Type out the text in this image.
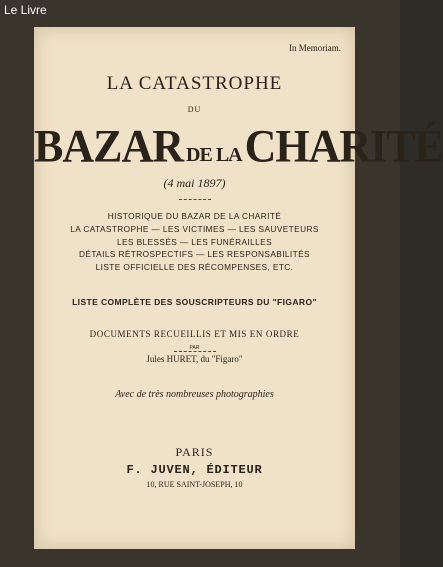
Le Livre
In Memoriam.
LA CATASTROPHE
DU
BAZAR DE LA CHARITÉ
(4 mai 1897)
HISTORIQUE DU BAZAR DE LA CHARITÉ
LA CATASTROPHE — LES VICTIMES — LES SAUVETEURS
LES BLESSÉS — LES FUNÉRAILLES
DÉTAILS RÉTROSPECTIFS — LES RESPONSABILITÉS
LISTE OFFICIELLE DES RÉCOMPENSES, ETC.
LISTE COMPLÈTE DES SOUSCRIPTEURS DU "FIGARO"
DOCUMENTS RECUEILLIS ET MIS EN ORDRE
PAR
Jules HURET, du "Figaro"
Avec de très nombreuses photographies
PARIS
F. JUVEN, ÉDITEUR
10, RUE SAINT-JOSEPH, 10
